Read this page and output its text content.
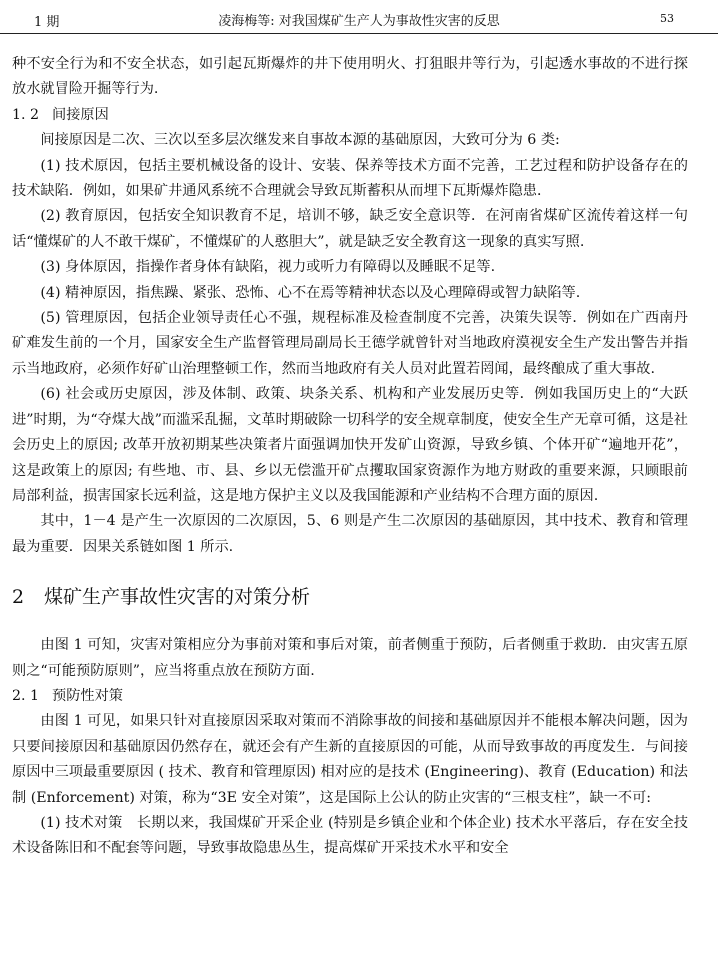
1 期	凌海梅等: 对我国煤矿生产人为事故性灾害的反思	53

种不安全行为和不安全状态，如引起瓦斯爆炸的井下使用明火、打狙眼井等行为，引起透水事故的不进行探放水就冒险开掘等行为.

1. 2 间接原因

间接原因是二次、三次以至多层次继发来自事故本源的基础原因，大致可分为 6 类:

(1) 技术原因，包括主要机械设备的设计、安装、保养等技术方面不完善，工艺过程和防护设备存在的技术缺陷．例如，如果矿井通风系统不合理就会导致瓦斯蓄积从而埋下瓦斯爆炸隐患．

(2) 教育原因，包括安全知识教育不足，培训不够，缺乏安全意识等．在河南省煤矿区流传着这样一句话“懂煤矿的人不敢干煤矿，不懂煤矿的人憨胆大”，就是缺乏安全教育这一现象的真实写照.

(3) 身体原因，指操作者身体有缺陷，视力或听力有障碍以及睡眠不足等.

(4) 精神原因，指焦躁、紧张、恐怖、心不在焉等精神状态以及心理障碍或智力缺陷等.

(5) 管理原因，包括企业领导责任心不强，规程标准及检查制度不完善，决策失误等．例如在广西南丹矿难发生前的一个月，国家安全生产监督管理局副局长王德学就曾针对当地政府漠视安全生产发出警告并指示当地政府，必须作好矿山治理整顿工作，然而当地政府有关人员对此置若罔闻，最终酿成了重大事故.

(6) 社会或历史原因，涉及体制、政策、块条关系、机构和产业发展历史等．例如我国历史上的“大跃进”时期，为“夺煤大战”而滥采乱掘，文革时期破除一切科学的安全规章制度，使安全生产无章可循，这是社会历史上的原因; 改革开放初期某些决策者片面强调加快开发矿山资源，导致乡镇、个体开矿“遍地开花”，这是政策上的原因; 有些地、市、县、乡以无偿滥开矿点攫取国家资源作为地方财政的重要来源，只顾眼前局部利益，损害国家长远利益，这是地方保护主义以及我国能源和产业结构不合理方面的原因.

其中，1－4 是产生一次原因的二次原因，5、6 则是产生二次原因的基础原因，其中技术、教育和管理最为重要．因果关系链如图 1 所示.

2 煤矿生产事故性灾害的对策分析

由图 1 可知，灾害对策相应分为事前对策和事后对策，前者侧重于预防，后者侧重于救助．由灾害五原则之“可能预防原则”，应当将重点放在预防方面.

2. 1 预防性对策

由图 1 可见，如果只针对直接原因采取对策而不消除事故的间接和基础原因并不能根本解决问题，因为只要间接原因和基础原因仍然存在，就还会有产生新的直接原因的可能，从而导致事故的再度发生．与间接原因中三项最重要原因 ( 技术、教育和管理原因) 相对应的是技术 (Engineering)、教育 (Education) 和法制 (Enforcement) 对策，称为“3E 安全对策”，这是国际上公认的防止灾害的“三根支柱”，缺一不可:

(1) 技术对策　长期以来，我国煤矿开采企业 (特别是乡镇企业和个体企业) 技术水平落后，存在安全技术设备陈旧和不配套等问题，导致事故隐患丛生，提高煤矿开采技术水平和安全
